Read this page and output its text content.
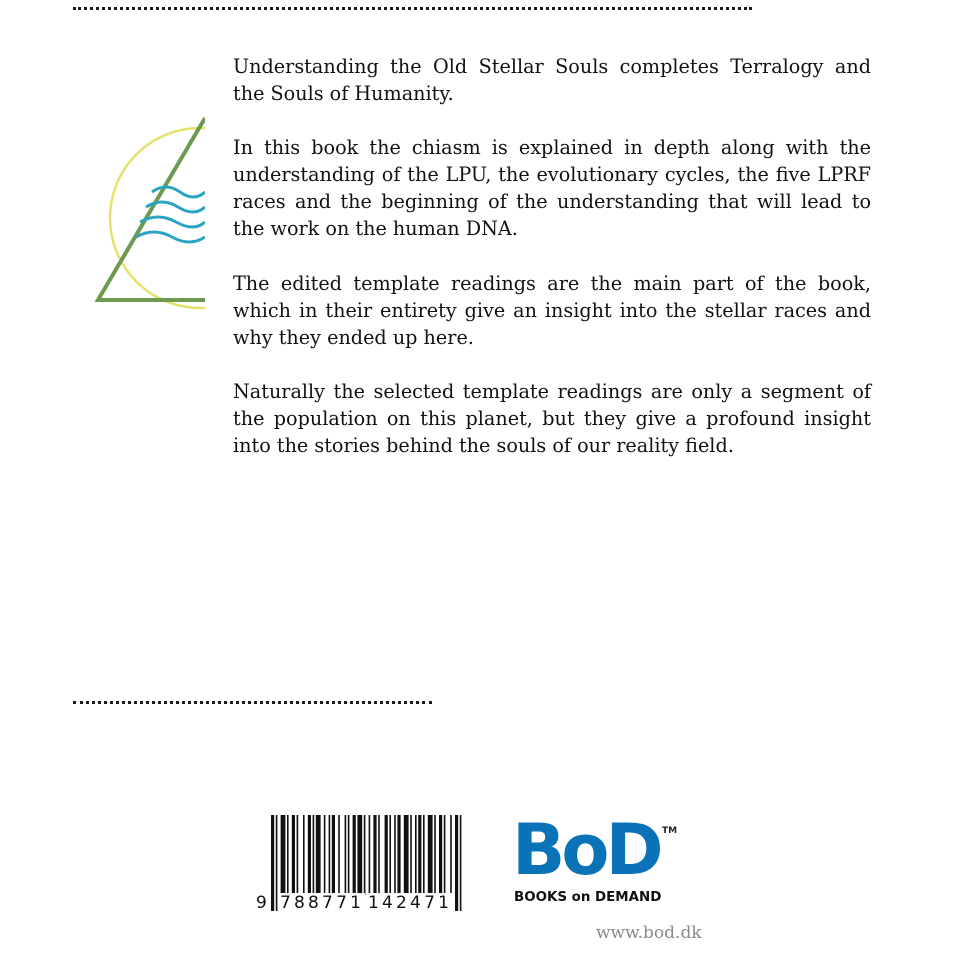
Understanding the Old Stellar Souls completes Terralogy and the Souls of Humanity.

In this book the chiasm is explained in depth along with the understanding of the LPU, the evolutionary cycles, the five LPRF races and the beginning of the understanding that will lead to the work on the human DNA.

The edited template readings are the main part of the book, which in their entirety give an insight into the stellar races and why they ended up here.

Naturally the selected template readings are only a segment of the population on this planet, but they give a profound insight into the stories behind the souls of our reality field.

9 788771 142471
BoD TM
BOOKS on DEMAND
www.bod.dk
